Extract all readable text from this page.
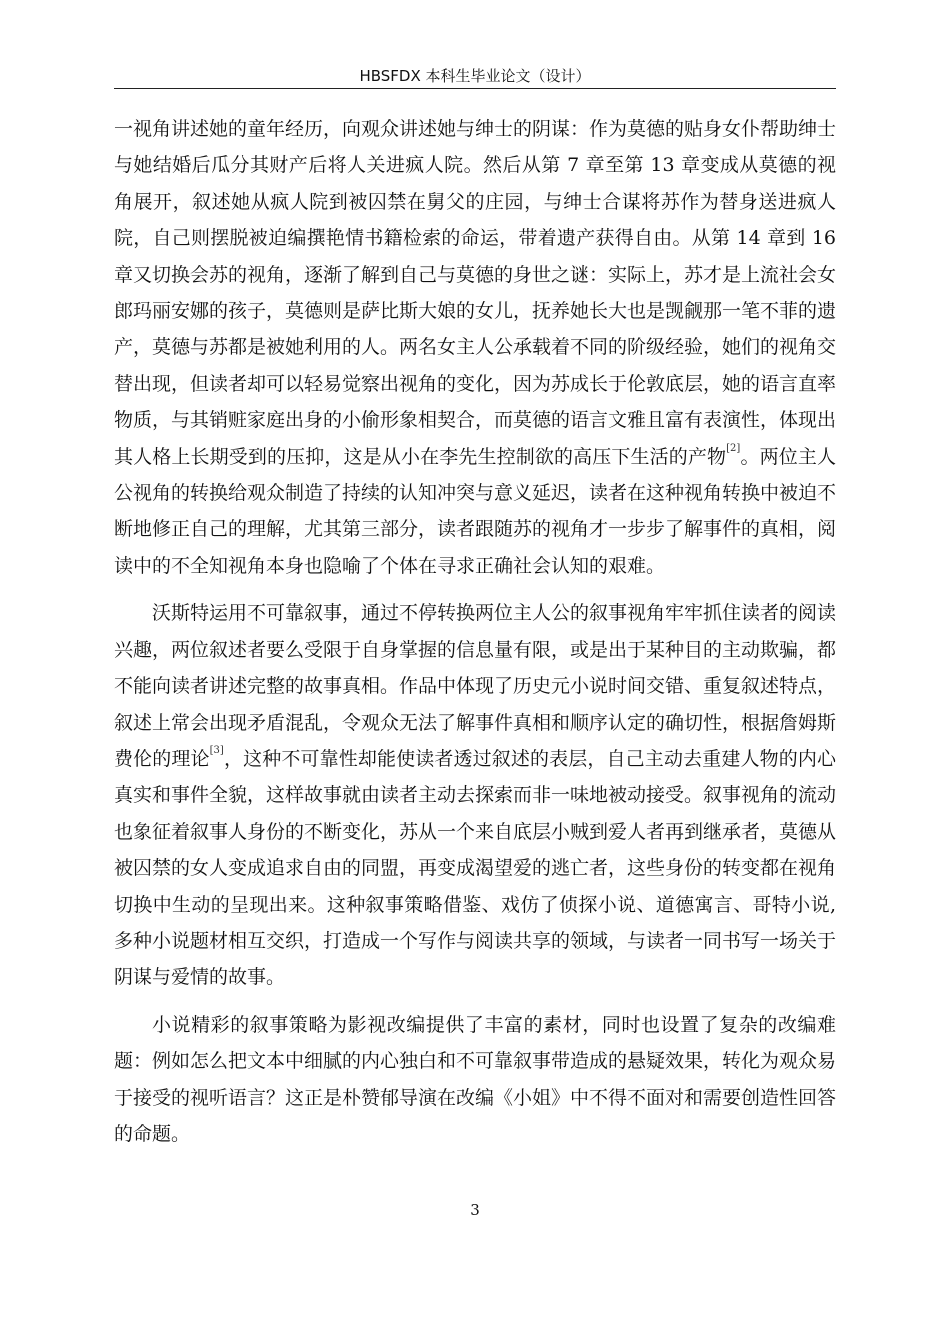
HBSFDX 本科生毕业论文（设计）

一视角讲述她的童年经历，向观众讲述她与绅士的阴谋：作为莫德的贴身女仆帮助绅士与她结婚后瓜分其财产后将人关进疯人院。然后从第 7 章至第 13 章变成从莫德的视角展开，叙述她从疯人院到被囚禁在舅父的庄园，与绅士合谋将苏作为替身送进疯人院，自己则摆脱被迫编撰艳情书籍检索的命运，带着遗产获得自由。从第 14 章到 16 章又切换会苏的视角，逐渐了解到自己与莫德的身世之谜：实际上，苏才是上流社会女郎玛丽安娜的孩子，莫德则是萨比斯大娘的女儿，抚养她长大也是觊觎那一笔不菲的遗产，莫德与苏都是被她利用的人。两名女主人公承载着不同的阶级经验，她们的视角交替出现，但读者却可以轻易觉察出视角的变化，因为苏成长于伦敦底层，她的语言直率物质，与其销赃家庭出身的小偷形象相契合，而莫德的语言文雅且富有表演性，体现出其人格上长期受到的压抑，这是从小在李先生控制欲的高压下生活的产物[2]。两位主人公视角的转换给观众制造了持续的认知冲突与意义延迟，读者在这种视角转换中被迫不断地修正自己的理解，尤其第三部分，读者跟随苏的视角才一步步了解事件的真相，阅读中的不全知视角本身也隐喻了个体在寻求正确社会认知的艰难。

沃斯特运用不可靠叙事，通过不停转换两位主人公的叙事视角牢牢抓住读者的阅读兴趣，两位叙述者要么受限于自身掌握的信息量有限，或是出于某种目的主动欺骗，都不能向读者讲述完整的故事真相。作品中体现了历史元小说时间交错、重复叙述特点，叙述上常会出现矛盾混乱，令观众无法了解事件真相和顺序认定的确切性，根据詹姆斯费伦的理论[3]，这种不可靠性却能使读者透过叙述的表层，自己主动去重建人物的内心真实和事件全貌，这样故事就由读者主动去探索而非一味地被动接受。叙事视角的流动也象征着叙事人身份的不断变化，苏从一个来自底层小贼到爱人者再到继承者，莫德从被囚禁的女人变成追求自由的同盟，再变成渴望爱的逃亡者，这些身份的转变都在视角切换中生动的呈现出来。这种叙事策略借鉴、戏仿了侦探小说、道德寓言、哥特小说,多种小说题材相互交织，打造成一个写作与阅读共享的领域，与读者一同书写一场关于阴谋与爱情的故事。

小说精彩的叙事策略为影视改编提供了丰富的素材，同时也设置了复杂的改编难题：例如怎么把文本中细腻的内心独白和不可靠叙事带造成的悬疑效果，转化为观众易于接受的视听语言？这正是朴赞郁导演在改编《小姐》中不得不面对和需要创造性回答的命题。

3
